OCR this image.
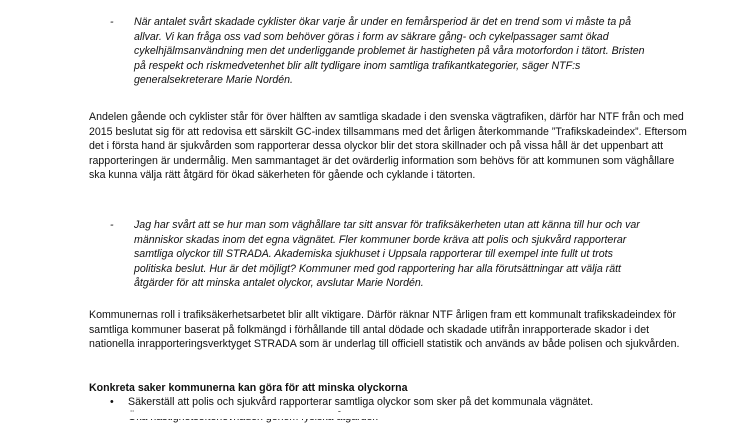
- När antalet svårt skadade cyklister ökar varje år under en femårsperiod är det en trend som vi måste ta på allvar. Vi kan fråga oss vad som behöver göras i form av säkrare gång- och cykelpassager samt ökad cykelhjälmsanvändning men det underliggande problemet är hastigheten på våra motorfordon i tätort. Bristen på respekt och riskmedvetenhet blir allt tydligare inom samtliga trafikantkategorier, säger NTF:s generalsekreterare Marie Nordén.

Andelen gående och cyklister står för över hälften av samtliga skadade i den svenska vägtrafiken, därför har NTF från och med 2015 beslutat sig för att redovisa ett särskilt GC-index tillsammans med det årligen återkommande ”Trafikskadeindex”. Eftersom det i första hand är sjukvården som rapporterar dessa olyckor blir det stora skillnader och på vissa håll är det uppenbart att rapporteringen är undermålig. Men sammantaget är det ovärderlig information som behövs för att kommunen som väghållare ska kunna välja rätt åtgärd för ökad säkerheten för gående och cyklande i tätorten.

- Jag har svårt att se hur man som väghållare tar sitt ansvar för trafiksäkerheten utan att känna till hur och var människor skadas inom det egna vägnätet. Fler kommuner borde kräva att polis och sjukvård rapporterar samtliga olyckor till STRADA. Akademiska sjukhuset i Uppsala rapporterar till exempel inte fullt ut trots politiska beslut. Hur är det möjligt? Kommuner med god rapportering har alla förutsättningar att välja rätt åtgärder för att minska antalet olyckor, avslutar Marie Nordén.

Kommunernas roll i trafiksäkerhetsarbetet blir allt viktigare. Därför räknar NTF årligen fram ett kommunalt trafikskadeindex för samtliga kommuner baserat på folkmängd i förhållande till antal dödade och skadade utifrån inrapporterade skador i det nationella inrapporteringsverktyget STRADA som är underlag till officiell statistik och används av både polisen och sjukvården.

Konkreta saker kommunerna kan göra för att minska olyckorna

• Säkerställ att polis och sjukvård rapporterar samtliga olyckor som sker på det kommunala vägnätet.
